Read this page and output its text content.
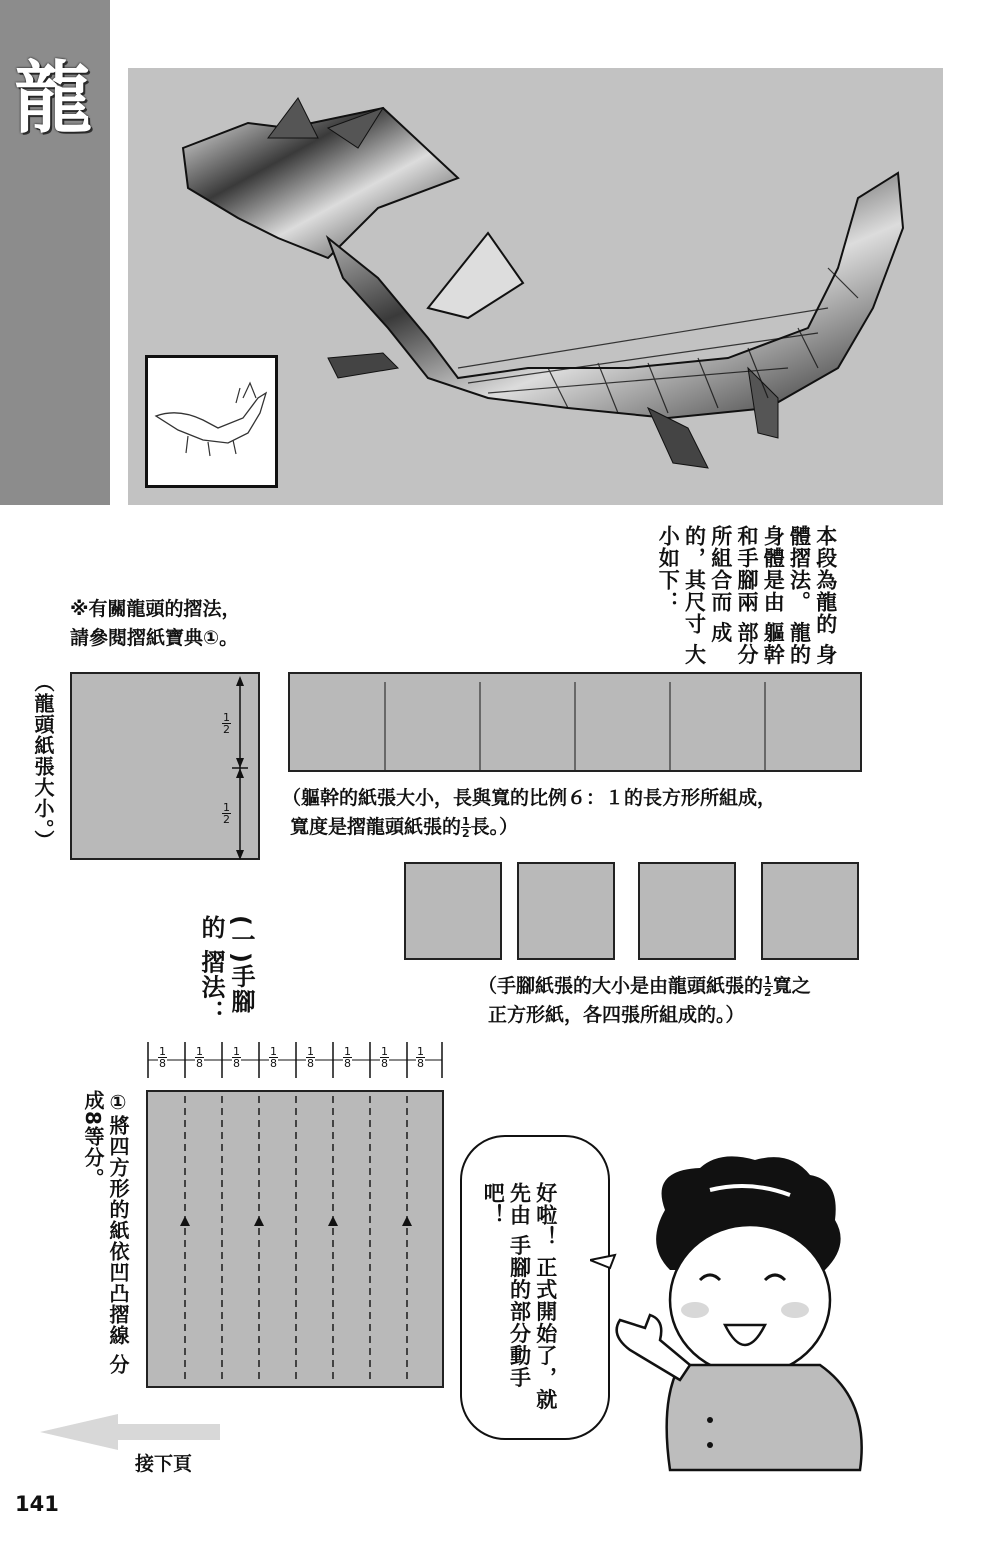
龍
本段為龍的 身體摺法。 龍的身體是由 軀幹和手腳兩 部分所組合而 成的，其尺寸 大小如下：
※有關龍頭的摺法，
請參閱摺紙寶典①。
（龍頭紙張大小。）	$\frac{1}{2}$
$\frac{1}{2}$
（軀幹的紙張大小，長與寬的比例６：１的長方形所組成，
寬度是摺龍頭紙張的 $\frac{1}{2}$ 長。）
（手腳紙張的大小是由龍頭紙張的 $\frac{1}{2}$ 寬之
正方形紙，各四張所組成的。）
(一)手腳的 摺法：
①將四方形的紙依凹凸摺線 分成8等分。
$\frac{1}{8}$	$\frac{1}{8}$	$\frac{1}{8}$	$\frac{1}{8}$	$\frac{1}{8}$	$\frac{1}{8}$	$\frac{1}{8} \frac{1}{8}$
好啦！ 正式開始了，就先由 手腳的部分動手吧！
接下頁
141
